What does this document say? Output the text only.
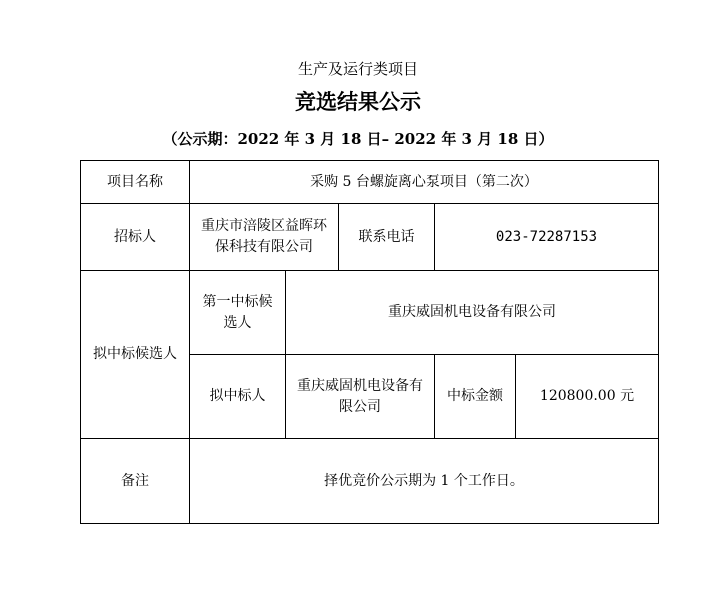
生产及运行类项目
竞选结果公示
（公示期：2022 年 3 月 18 日– 2022 年 3 月 18 日）
项目名称	采购 5 台螺旋离心泵项目（第二次）				
招标人	重庆市涪陵区益晖环保科技有限公司		联系电话	023-72287153	
拟中标候选人	第一中标候选人	重庆威固机电设备有限公司			
	拟中标人	重庆威固机电设备有限公司		中标金额	120800.00 元
备注	择优竞价公示期为 1 个工作日。				
